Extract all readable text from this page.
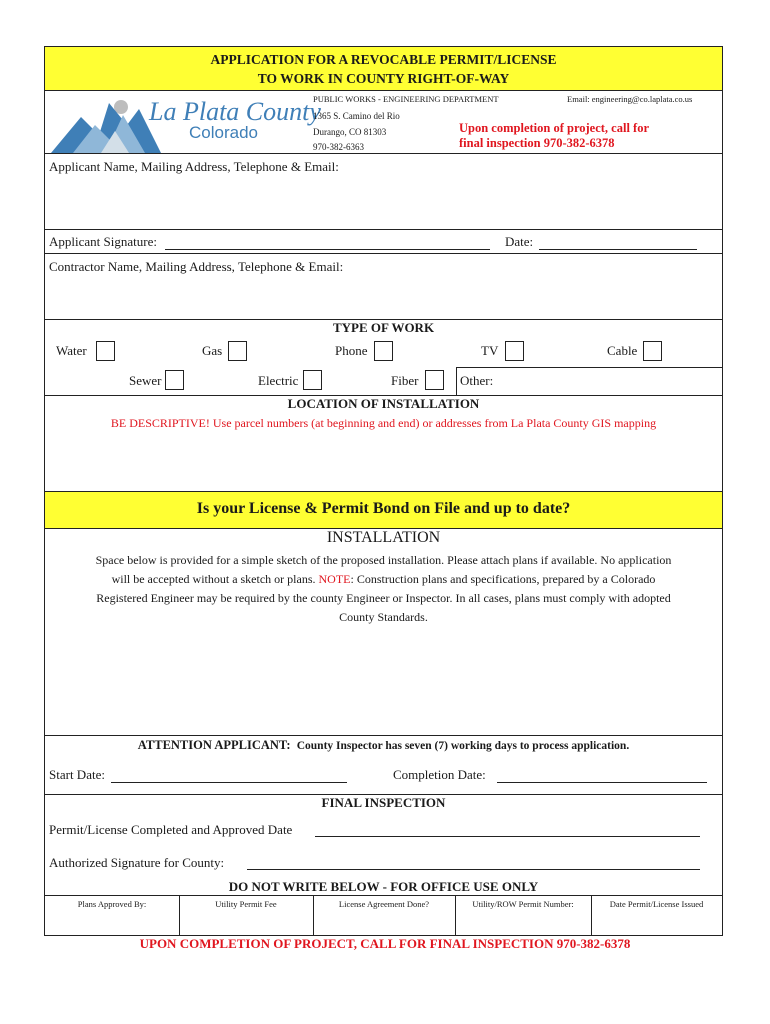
APPLICATION FOR A REVOCABLE PERMIT/LICENSE
TO WORK IN COUNTY RIGHT-OF-WAY
La Plata County
Colorado
PUBLIC WORKS - ENGINEERING DEPARTMENT	Email: engineering@co.laplata.co.us
1365 S. Camino del Rio
Durango, CO 81303
970-382-6363
Upon completion of project, call for
final inspection 970-382-6378
Applicant Name, Mailing Address, Telephone & Email:
Applicant Signature:	Date:
Contractor Name, Mailing Address, Telephone & Email:
TYPE OF WORK
Water	Gas	Phone	TV	Cable
Sewer	Electric	Fiber	Other:
LOCATION OF INSTALLATION
BE DESCRIPTIVE! Use parcel numbers (at beginning and end) or addresses from La Plata County GIS mapping
Is your License & Permit Bond on File and up to date?
INSTALLATION
Space below is provided for a simple sketch of the proposed installation. Please attach plans if available. No application
will be accepted without a sketch or plans. NOTE: Construction plans and specifications, prepared by a Colorado
Registered Engineer may be required by the county Engineer or Inspector. In all cases, plans must comply with adopted
County Standards.
ATTENTION APPLICANT: County Inspector has seven (7) working days to process application.
Start Date:	Completion Date:
FINAL INSPECTION
Permit/License Completed and Approved Date
Authorized Signature for County:
DO NOT WRITE BELOW - FOR OFFICE USE ONLY
Plans Approved By:	Utility Permit Fee	License Agreement Done?	Utility/ROW Permit Number:	Date Permit/License Issued
UPON COMPLETION OF PROJECT, CALL FOR FINAL INSPECTION 970-382-6378
